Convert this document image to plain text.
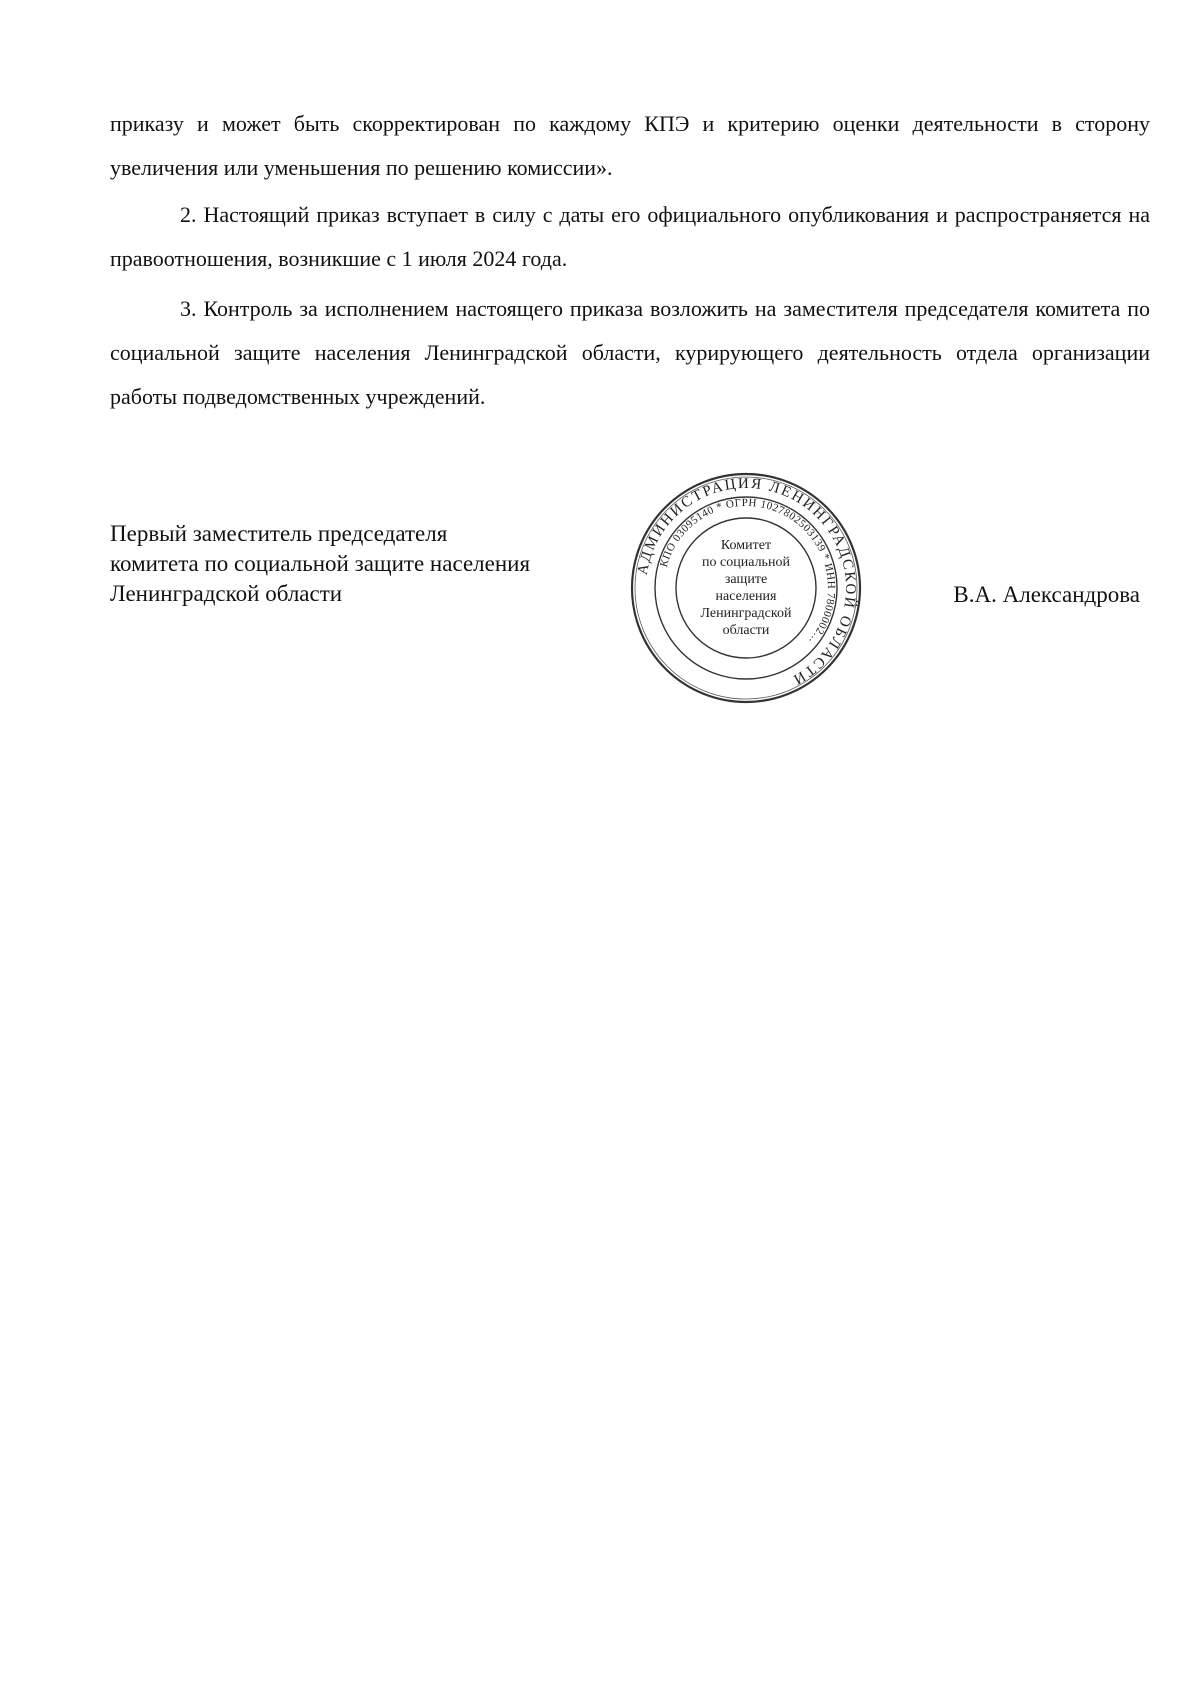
приказу и может быть скорректирован по каждому КПЭ и критерию оценки деятельности в сторону увеличения или уменьшения по решению комиссии».

2. Настоящий приказ вступает в силу с даты его официального опубликования и распространяется на правоотношения, возникшие с 1 июля 2024 года.

3. Контроль за исполнением настоящего приказа возложить на заместителя председателя комитета по социальной защите населения Ленинградской области, курирующего деятельность отдела организации работы подведомственных учреждений.

Первый заместитель председателя
комитета по социальной защите населения
Ленинградской области
АДМИНИСТРАЦИЯ ЛЕНИНГРАДСКОЙ ОБЛАСТИ
КПО 03095140 * ОГРН 1027802503139 * ИНН 7800002…
Комитет
по социальной
защите
населения
Ленинградской
области
В.А. Александрова
